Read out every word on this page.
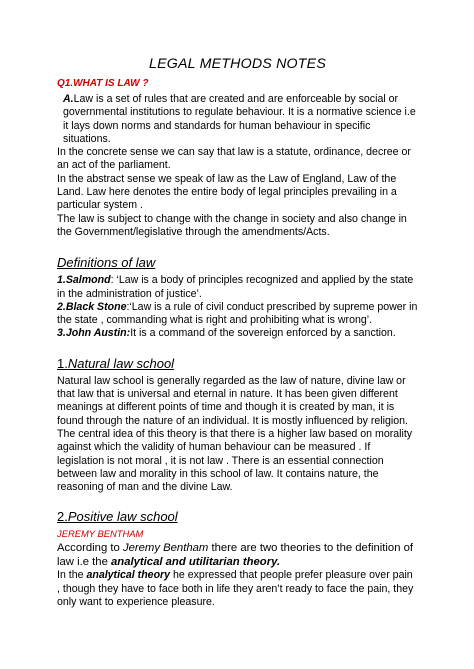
LEGAL METHODS NOTES
Q1.WHAT IS LAW ?

A.Law is a set of rules that are created and are enforceable by social or governmental institutions to regulate behaviour. It is a normative science i.e it lays down norms and standards for human behaviour in specific situations.

In the concrete sense we can say that law is a statute, ordinance, decree or an act of the parliament.

In the abstract sense we speak of law as the Law of England, Law of the Land. Law here denotes the entire body of legal principles prevailing in a particular system .

The law is subject to change with the change in society and also change in the Government/legislative through the amendments/Acts.

Definitions of law

1.Salmond: ‘Law is a body of principles recognized and applied by the state in the administration of justice’.

2.Black Stone:‘Law is a rule of civil conduct prescribed by supreme power in the state , commanding what is right and prohibiting what is wrong’.

3.John Austin:It is a command of the sovereign enforced by a sanction.

1.Natural law school

Natural law school is generally regarded as the law of nature, divine law or that law that is universal and eternal in nature. It has been given different meanings at different points of time and though it is created by man, it is found through the nature of an individual. It is mostly influenced by religion. The central idea of this theory is that there is a higher law based on morality against which the validity of human behaviour can be measured . If legislation is not moral , it is not law . There is an essential connection between law and morality in this school of law. It contains nature, the reasoning of man and the divine Law.

2.Positive law school
JEREMY BENTHAM

According to Jeremy Bentham there are two theories to the definition of law i.e the analytical and utilitarian theory.

In the analytical theory he expressed that people prefer pleasure over pain , though they have to face both in life they aren’t ready to face the pain, they only want to experience pleasure.
